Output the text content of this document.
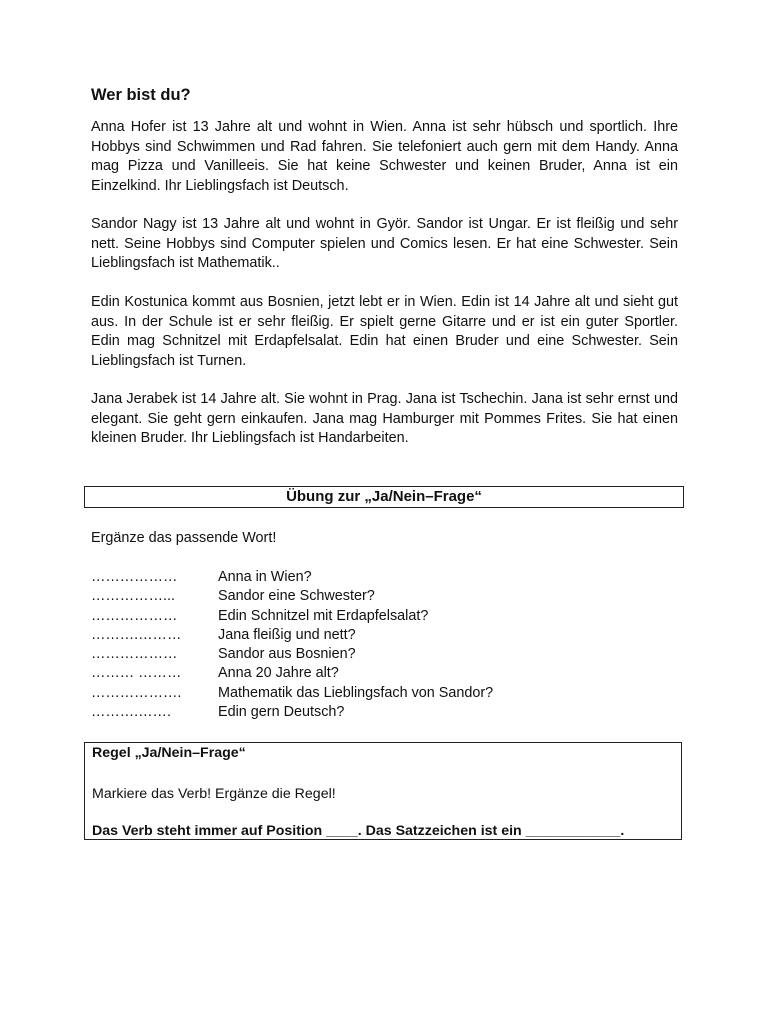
Wer bist du?

Anna Hofer ist 13 Jahre alt und wohnt in Wien. Anna ist sehr hübsch und sportlich. Ihre Hobbys sind Schwimmen und Rad fahren. Sie telefoniert auch gern mit dem Handy. Anna mag Pizza und Vanilleeis. Sie hat keine Schwester und keinen Bruder, Anna ist ein Einzelkind. Ihr Lieblingsfach ist Deutsch.

Sandor Nagy ist 13 Jahre alt und wohnt in Györ. Sandor ist Ungar. Er ist fleißig und sehr nett. Seine Hobbys sind Computer spielen und Comics lesen. Er hat eine Schwester. Sein Lieblingsfach ist Mathematik..

Edin Kostunica kommt aus Bosnien, jetzt lebt er in Wien. Edin ist 14 Jahre alt und sieht gut aus. In der Schule ist er sehr fleißig. Er spielt gerne Gitarre und er ist ein guter Sportler. Edin mag Schnitzel mit Erdapfelsalat. Edin hat einen Bruder und eine Schwester. Sein Lieblingsfach ist Turnen.

Jana Jerabek ist 14 Jahre alt. Sie wohnt in Prag. Jana ist Tschechin. Jana ist sehr ernst und elegant. Sie geht gern einkaufen. Jana mag Hamburger mit Pommes Frites. Sie hat einen kleinen Bruder. Ihr Lieblingsfach ist Handarbeiten.

Ergänze das passende Wort!

………………	Anna in Wien?
……………...	Sandor eine Schwester?
………………	Edin Schnitzel mit Erdapfelsalat?
……….………	Jana fleißig und nett?
………………	Sandor aus Bosnien?
……… ………	Anna 20 Jahre alt?
……………….	Mathematik das Lieblingsfach von Sandor?
……….…….	Edin gern Deutsch?
Übung zur „Ja/Nein–Frage“
Regel „Ja/Nein–Frage“
Markiere das Verb! Ergänze die Regel!
Das Verb steht immer auf Position ____. Das Satzzeichen ist ein ____________.
